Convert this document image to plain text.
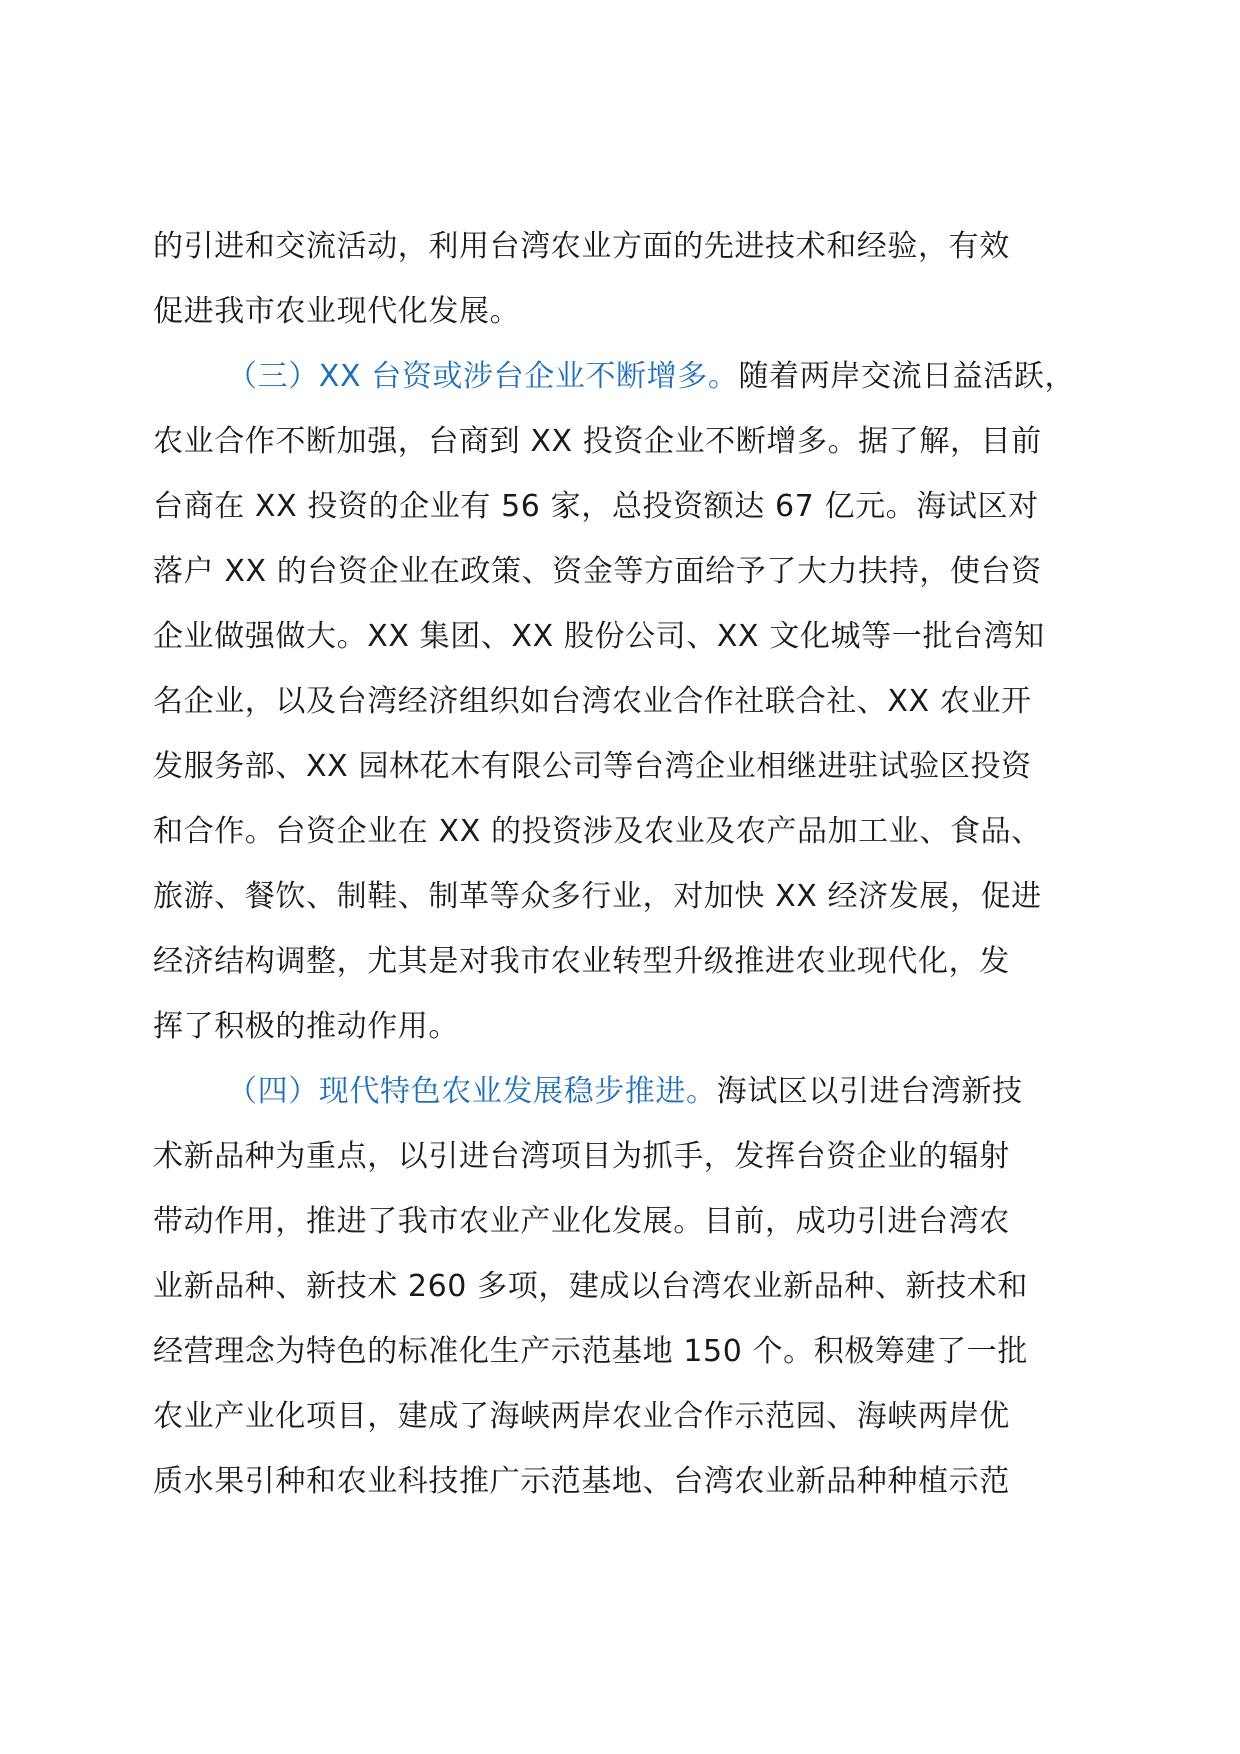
的引进和交流活动，利用台湾农业方面的先进技术和经验，有效
促进我市农业现代化发展。
（三）XX 台资或涉台企业不断增多。随着两岸交流日益活跃，
农业合作不断加强，台商到 XX 投资企业不断增多。据了解，目前
台商在 XX 投资的企业有 56 家，总投资额达 67 亿元。海试区对
落户 XX 的台资企业在政策、资金等方面给予了大力扶持，使台资
企业做强做大。XX 集团、XX 股份公司、XX 文化城等一批台湾知
名企业，以及台湾经济组织如台湾农业合作社联合社、XX 农业开
发服务部、XX 园林花木有限公司等台湾企业相继进驻试验区投资
和合作。台资企业在 XX 的投资涉及农业及农产品加工业、食品、
旅游、餐饮、制鞋、制革等众多行业，对加快 XX 经济发展，促进
经济结构调整，尤其是对我市农业转型升级推进农业现代化，发
挥了积极的推动作用。
（四）现代特色农业发展稳步推进。海试区以引进台湾新技
术新品种为重点，以引进台湾项目为抓手，发挥台资企业的辐射
带动作用，推进了我市农业产业化发展。目前，成功引进台湾农
业新品种、新技术 260 多项，建成以台湾农业新品种、新技术和
经营理念为特色的标准化生产示范基地 150 个。积极筹建了一批
农业产业化项目，建成了海峡两岸农业合作示范园、海峡两岸优
质水果引种和农业科技推广示范基地、台湾农业新品种种植示范
